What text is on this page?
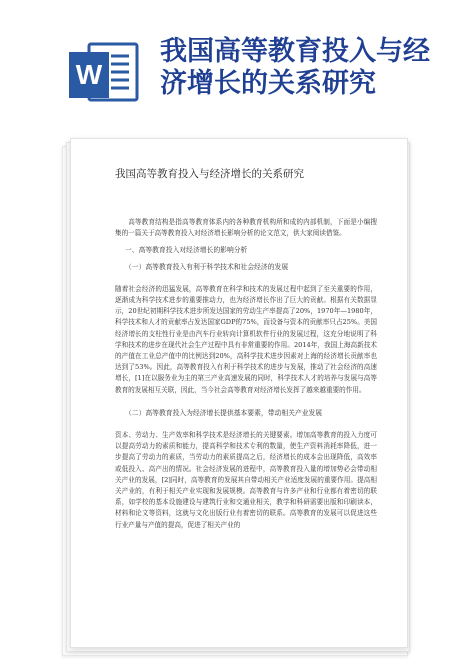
W
我国高等教育投入与经
济增长的关系研究
我国高等教育投入与经济增长的关系研究

高等教育结构是指高等教育体系内的各种教育机构所和成的内部机制，下面是小编搜集的一篇关于高等教育投入对经济增长影响分析的论文范文，供大家阅读借鉴。

一、高等教育投入对经济增长的影响分析
（一）高等教育投入有利于科学技术和社会经济的发展

随着社会经济的迅猛发展，高等教育在科学和技术的发展过程中起到了至关重要的作用，逐渐成为科学技术进步的重要推动力，也为经济增长作出了巨大的贡献。根据有关数据显示，20世纪初期科学技术进步所发达国家的劳动生产率提高了20%，1970年—1980年，科学技术和人才的贡献率占发达国家GDP的75%，而设备与资本的贡献率只占25%。美国经济增长的支柱性行业是由汽车行业转向计算机软件行业的发展过程，这充分地说明了科学和技术的进步在现代社会生产过程中具有非常重要的作用。2014年，我国上海高新技术的产值在工业总产值中的比例达到20%，高科学技术进步因素对上海的经济增长贡献率也达到了53%。因此，高等教育投入有利于科学技术的进步与发展，推动了社会经济的高速增长，[1]在以服务业为主的第三产业高速发展的同时，科学技术人才的培养与发展与高等教育的发展相互关联，因此，当今社会高等教育对经济增长发挥了越来越重要的作用。

（二）高等教育投入为经济增长提供基本要素，带动相关产业发展

资本、劳动力、生产效率和科学技术是经济增长的关键要素。增加高等教育的投入力度可以提高劳动力的素质和能力，提高科学和技术专利的数量，使生产资料消耗率降低，进一步提高了劳动力的素质，当劳动力的素质提高之后，经济增长的成本会出现降低，高效率或低投入、高产出的情况。社会经济发展的进程中，高等教育投入量的增加势必会带动相关产业的发展，[2]同时，高等教育的发展其自带动相关产业适度发展的重要作用。提高相关产业的，有利于相关产业实现和发展规模。高等教育与许多产业和行业都有着密切的联系，如学校的基本设施建设与建筑行业和交通业相关，教学和科研需要出版和印刷读本，材料和论文等资料，这就与文化出版行业有着密切的联系。高等教育的发展可以促进这些行业产量与产值的提高，促进了相关产业的
